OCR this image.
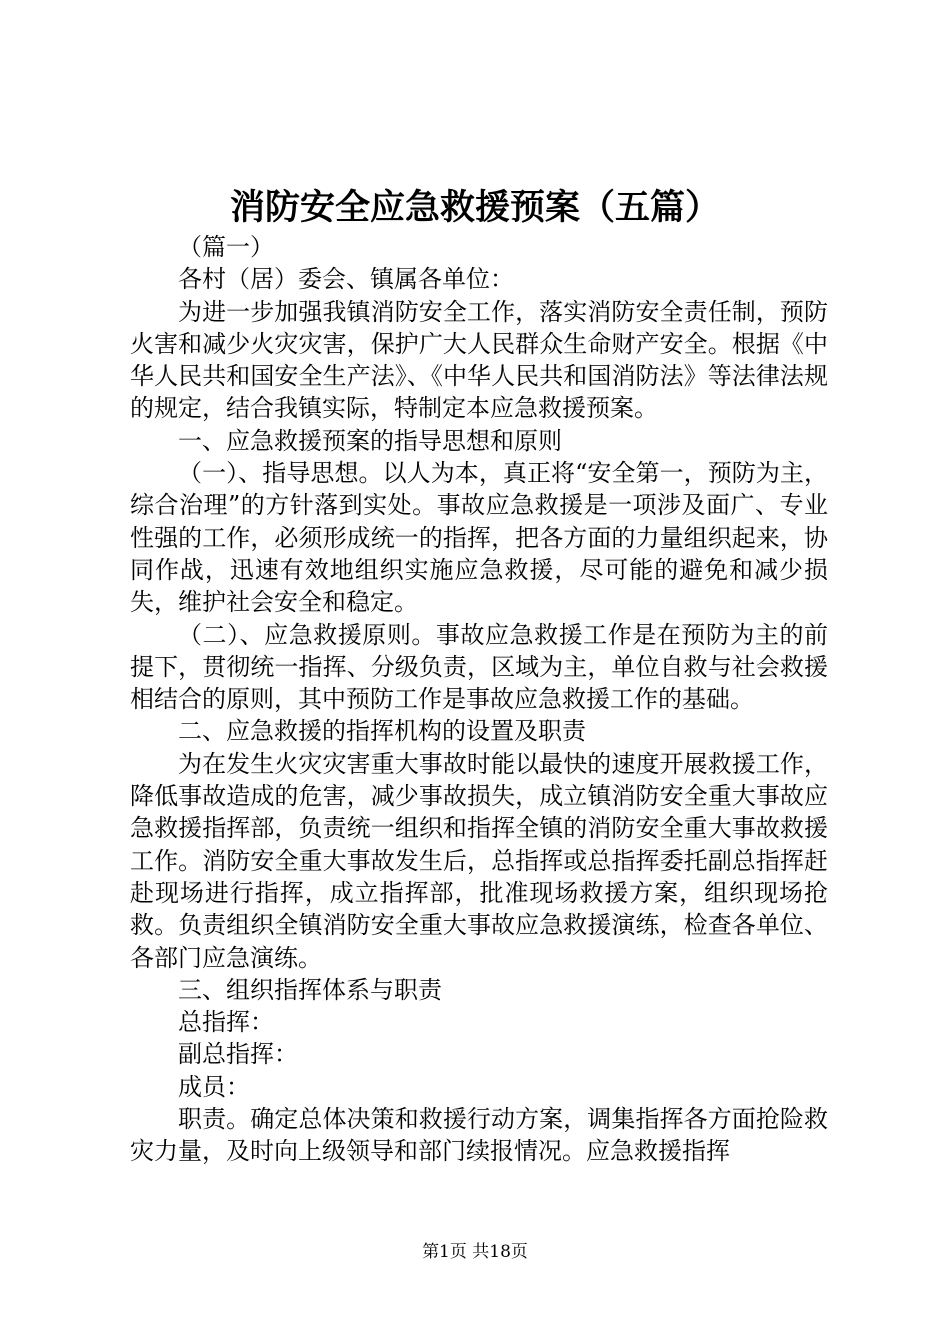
消防安全应急救援预案（五篇）

（篇一）

各村（居）委会、镇属各单位：

为进一步加强我镇消防安全工作，落实消防安全责任制，预防火害和减少火灾灾害，保护广大人民群众生命财产安全。根据《中华人民共和国安全生产法》、《中华人民共和国消防法》等法律法规的规定，结合我镇实际，特制定本应急救援预案。

一、应急救援预案的指导思想和原则

（一）、指导思想。以人为本，真正将“安全第一，预防为主，综合治理”的方针落到实处。事故应急救援是一项涉及面广、专业性强的工作，必须形成统一的指挥，把各方面的力量组织起来，协同作战，迅速有效地组织实施应急救援，尽可能的避免和减少损失，维护社会安全和稳定。

（二）、应急救援原则。事故应急救援工作是在预防为主的前提下，贯彻统一指挥、分级负责，区域为主，单位自救与社会救援相结合的原则，其中预防工作是事故应急救援工作的基础。

二、应急救援的指挥机构的设置及职责

为在发生火灾灾害重大事故时能以最快的速度开展救援工作，降低事故造成的危害，减少事故损失，成立镇消防安全重大事故应急救援指挥部，负责统一组织和指挥全镇的消防安全重大事故救援工作。消防安全重大事故发生后，总指挥或总指挥委托副总指挥赶赴现场进行指挥，成立指挥部，批准现场救援方案，组织现场抢救。负责组织全镇消防安全重大事故应急救援演练，检查各单位、各部门应急演练。

三、组织指挥体系与职责

总指挥：

副总指挥：

成员：

职责。确定总体决策和救援行动方案，调集指挥各方面抢险救灾力量，及时向上级领导和部门续报情况。应急救援指挥

第1页 共18页
